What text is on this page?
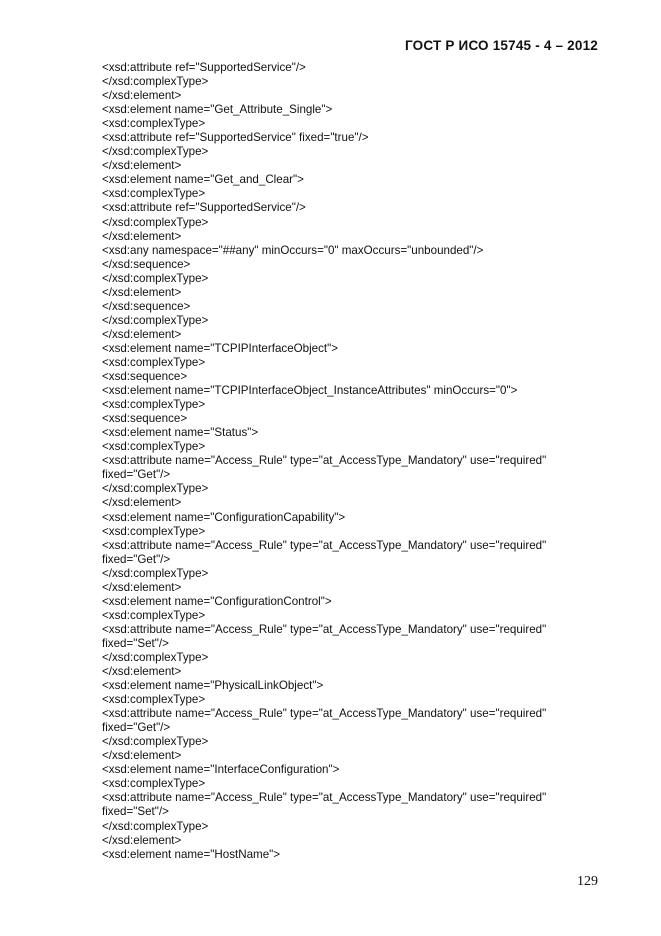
ГОСТ Р ИСО 15745 - 4 – 2012
<xsd:attribute ref="SupportedService"/>
</xsd:complexType>
</xsd:element>
<xsd:element name="Get_Attribute_Single">
<xsd:complexType>
<xsd:attribute ref="SupportedService" fixed="true"/>
</xsd:complexType>
</xsd:element>
<xsd:element name="Get_and_Clear">
<xsd:complexType>
<xsd:attribute ref="SupportedService"/>
</xsd:complexType>
</xsd:element>
<xsd:any namespace="##any" minOccurs="0" maxOccurs="unbounded"/>
</xsd:sequence>
</xsd:complexType>
</xsd:element>
</xsd:sequence>
</xsd:complexType>
</xsd:element>
<xsd:element name="TCPIPInterfaceObject">
<xsd:complexType>
<xsd:sequence>
<xsd:element name="TCPIPInterfaceObject_InstanceAttributes" minOccurs="0">
<xsd:complexType>
<xsd:sequence>
<xsd:element name="Status">
<xsd:complexType>
<xsd:attribute name="Access_Rule" type="at_AccessType_Mandatory" use="required"
fixed="Get"/>
</xsd:complexType>
</xsd:element>
<xsd:element name="ConfigurationCapability">
<xsd:complexType>
<xsd:attribute name="Access_Rule" type="at_AccessType_Mandatory" use="required"
fixed="Get"/>
</xsd:complexType>
</xsd:element>
<xsd:element name="ConfigurationControl">
<xsd:complexType>
<xsd:attribute name="Access_Rule" type="at_AccessType_Mandatory" use="required"
fixed="Set"/>
</xsd:complexType>
</xsd:element>
<xsd:element name="PhysicalLinkObject">
<xsd:complexType>
<xsd:attribute name="Access_Rule" type="at_AccessType_Mandatory" use="required"
fixed="Get"/>
</xsd:complexType>
</xsd:element>
<xsd:element name="InterfaceConfiguration">
<xsd:complexType>
<xsd:attribute name="Access_Rule" type="at_AccessType_Mandatory" use="required"
fixed="Set"/>
</xsd:complexType>
</xsd:element>
<xsd:element name="HostName">
129
